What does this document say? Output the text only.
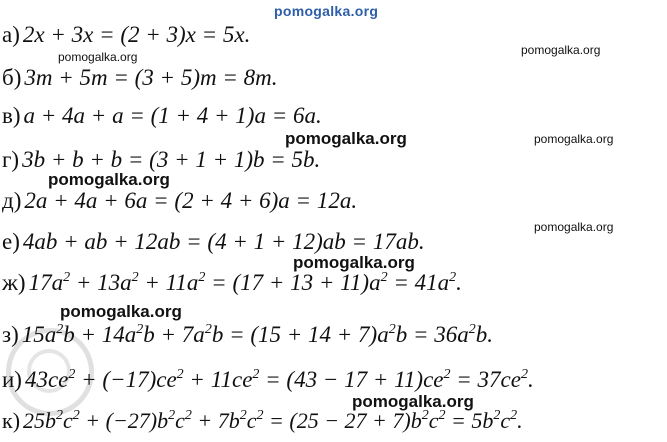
pomogalka.org
а) 2x + 3x = (2 + 3)x = 5x.
б) 3m + 5m = (3 + 5)m = 8m.
в) a + 4a + a = (1 + 4 + 1)a = 6a.
г) 3b + b + b = (3 + 1 + 1)b = 5b.
д) 2a + 4a + 6a = (2 + 4 + 6)a = 12a.
е) 4ab + ab + 12ab = (4 + 1 + 12)ab = 17ab.
ж) $17a^2 + 13a^2 + 11a^2 = (17 + 13 + 11)a^2 = 41a^2$.
з) $15a^2b + 14a^2b + 7a^2b = (15 + 14 + 7)a^2b = 36a^2b$.
и) $43ce^2 + (-17)ce^2 + 11ce^2 = (43 - 17 + 11)ce^2 = 37ce^2$.
к) $25b^2c^2 + (-27)b^2c^2 + 7b^2c^2 = (25 - 27 + 7)b^2c^2 = 5b^2c^2$.
pomogalka.org	pomogalka.org
pomogalka.org	pomogalka.org
pomogalka.org
pomogalka.org
pomogalka.org
pomogalka.org
pomogalka.org
